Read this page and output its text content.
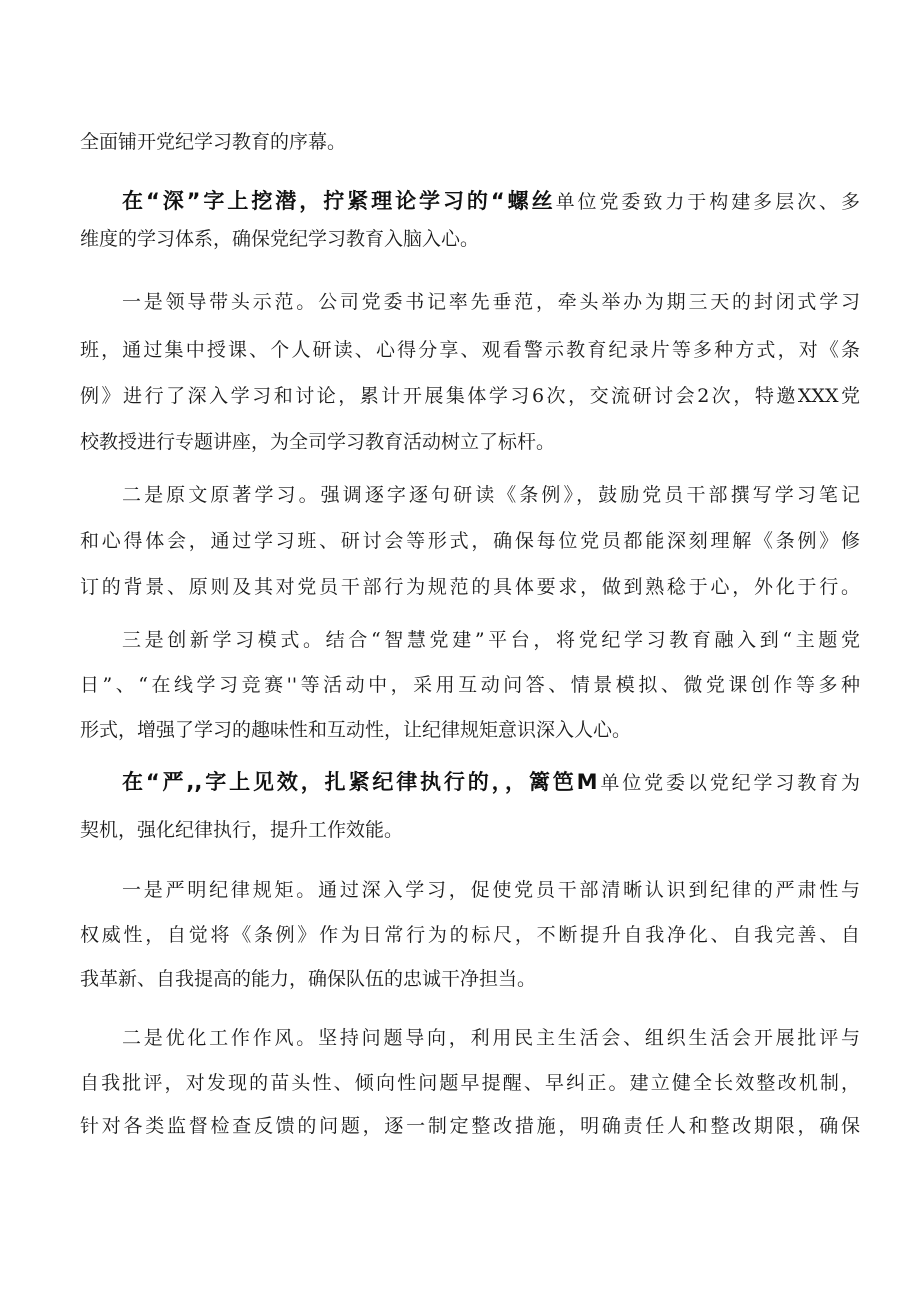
全面铺开党纪学习教育的序幕。

在“深”字上挖潜，拧紧理论学习的“螺丝单位党委致力于构建多层次、多

维度的学习体系，确保党纪学习教育入脑入心。

一是领导带头示范。公司党委书记率先垂范，牵头举办为期三天的封闭式学习

班，通过集中授课、个人研读、心得分享、观看警示教育纪录片等多种方式，对《条

例》进行了深入学习和讨论，累计开展集体学习6次，交流研讨会2次，特邀XXX党

校教授进行专题讲座，为全司学习教育活动树立了标杆。

二是原文原著学习。强调逐字逐句研读《条例》，鼓励党员干部撰写学习笔记

和心得体会，通过学习班、研讨会等形式，确保每位党员都能深刻理解《条例》修

订的背景、原则及其对党员干部行为规范的具体要求，做到熟稔于心，外化于行。

三是创新学习模式。结合“智慧党建”平台，将党纪学习教育融入到“主题党

日”、“在线学习竞赛''等活动中，采用互动问答、情景模拟、微党课创作等多种

形式，增强了学习的趣味性和互动性，让纪律规矩意识深入人心。

在“严,,字上见效，扎紧纪律执行的，，篱笆M单位党委以党纪学习教育为

契机，强化纪律执行，提升工作效能。

一是严明纪律规矩。通过深入学习，促使党员干部清晰认识到纪律的严肃性与

权威性，自觉将《条例》作为日常行为的标尺，不断提升自我净化、自我完善、自

我革新、自我提高的能力，确保队伍的忠诚干净担当。

二是优化工作作风。坚持问题导向，利用民主生活会、组织生活会开展批评与

自我批评，对发现的苗头性、倾向性问题早提醒、早纠正。建立健全长效整改机制，

针对各类监督检查反馈的问题，逐一制定整改措施，明确责任人和整改期限，确保
